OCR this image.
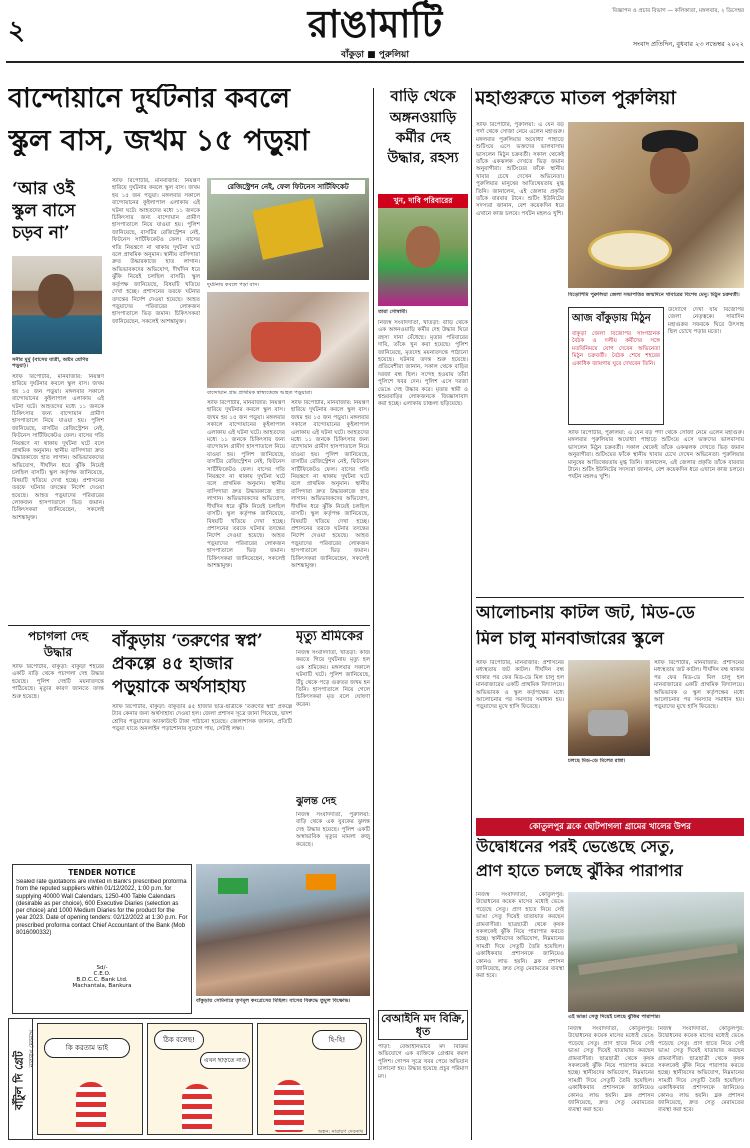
২	রাঙামাটি
বাঁকুড়া ■ পুরুলিয়া
বিজ্ঞাপন ও প্রচার বিভাগ — কলিকাতা, মঙ্গলবার, ২ ডিসেম্বর
সংবাদ প্রতিদিন, বুধবার ২৩ নভেম্বর ২০২২
বান্দোয়ানে দুর্ঘটনার কবলে
স্কুল বাস, জখম ১৫ পড়ুয়া
‘আর ওই স্কুল বাসে চড়ব না’
সনীর মুর্মু (বাসের যাত্রী, অষ্টম শ্রেণির পড়ুয়া)।
স্টাফ রিপোর্টার, মানবাজার: নিয়ন্ত্রণ হারিয়ে দুর্ঘটনার কবলে স্কুল বাস। জখম হয় ১৫ জন পড়ুয়া। মঙ্গলবার সকালে বান্দোয়ানের কুইলাপাল এলাকায় এই ঘটনা ঘটে। আহতদের মধ্যে ১১ জনকে চিকিৎসার জন্য বান্দোয়ান গ্রামীণ হাসপাতালে নিয়ে যাওয়া হয়। পুলিশ জানিয়েছে, বাসটির রেজিস্ট্রেশন নেই, ফিটনেস সার্টিফিকেটও ফেল। বাসের গতি নিয়ন্ত্রণে না থাকায় দুর্ঘটনা ঘটে বলে প্রাথমিক অনুমান। স্থানীয় বাসিন্দারা দ্রুত উদ্ধারকাজে হাত লাগান। অভিভাবকদের অভিযোগ, দীর্ঘদিন ধরে ঝুঁকি নিয়েই চলছিল বাসটি। স্কুল কর্তৃপক্ষ জানিয়েছে, বিষয়টি খতিয়ে দেখা হচ্ছে। প্রশাসনের তরফে ঘটনার তদন্তের নির্দেশ দেওয়া হয়েছে। আহত পড়ুয়াদের পরিবারের লোকজন হাসপাতালে ভিড় জমান। চিকিৎসকরা জানিয়েছেন, সকলেই আশঙ্কামুক্ত।
স্টাফ রিপোর্টার, মানবাজার: নিয়ন্ত্রণ হারিয়ে দুর্ঘটনার কবলে স্কুল বাস। জখম হয় ১৫ জন পড়ুয়া। মঙ্গলবার সকালে বান্দোয়ানের কুইলাপাল এলাকায় এই ঘটনা ঘটে। আহতদের মধ্যে ১১ জনকে চিকিৎসার জন্য বান্দোয়ান গ্রামীণ হাসপাতালে নিয়ে যাওয়া হয়। পুলিশ জানিয়েছে, বাসটির রেজিস্ট্রেশন নেই, ফিটনেস সার্টিফিকেটও ফেল। বাসের গতি নিয়ন্ত্রণে না থাকায় দুর্ঘটনা ঘটে বলে প্রাথমিক অনুমান। স্থানীয় বাসিন্দারা দ্রুত উদ্ধারকাজে হাত লাগান। অভিভাবকদের অভিযোগ, দীর্ঘদিন ধরে ঝুঁকি নিয়েই চলছিল বাসটি। স্কুল কর্তৃপক্ষ জানিয়েছে, বিষয়টি খতিয়ে দেখা হচ্ছে। প্রশাসনের তরফে ঘটনার তদন্তের নির্দেশ দেওয়া হয়েছে। আহত পড়ুয়াদের পরিবারের লোকজন হাসপাতালে ভিড় জমান। চিকিৎসকরা জানিয়েছেন, সকলেই আশঙ্কামুক্ত।
রেজিস্ট্রেশন নেই, ফেল ফিটনেস সার্টিফিকেট
দুর্ঘটনায় কবলে পড়া বাস।
বান্দোয়ান গ্রাম প্রাথমিক স্বাস্থ্যকেন্দ্রে আহত পড়ুয়ারা।
স্টাফ রিপোর্টার, মানবাজার: নিয়ন্ত্রণ হারিয়ে দুর্ঘটনার কবলে স্কুল বাস। জখম হয় ১৫ জন পড়ুয়া। মঙ্গলবার সকালে বান্দোয়ানের কুইলাপাল এলাকায় এই ঘটনা ঘটে। আহতদের মধ্যে ১১ জনকে চিকিৎসার জন্য বান্দোয়ান গ্রামীণ হাসপাতালে নিয়ে যাওয়া হয়। পুলিশ জানিয়েছে, বাসটির রেজিস্ট্রেশন নেই, ফিটনেস সার্টিফিকেটও ফেল। বাসের গতি নিয়ন্ত্রণে না থাকায় দুর্ঘটনা ঘটে বলে প্রাথমিক অনুমান। স্থানীয় বাসিন্দারা দ্রুত উদ্ধারকাজে হাত লাগান। অভিভাবকদের অভিযোগ, দীর্ঘদিন ধরে ঝুঁকি নিয়েই চলছিল বাসটি। স্কুল কর্তৃপক্ষ জানিয়েছে, বিষয়টি খতিয়ে দেখা হচ্ছে। প্রশাসনের তরফে ঘটনার তদন্তের নির্দেশ দেওয়া হয়েছে। আহত পড়ুয়াদের পরিবারের লোকজন হাসপাতালে ভিড় জমান। চিকিৎসকরা জানিয়েছেন, সকলেই আশঙ্কামুক্ত।
স্টাফ রিপোর্টার, মানবাজার: নিয়ন্ত্রণ হারিয়ে দুর্ঘটনার কবলে স্কুল বাস। জখম হয় ১৫ জন পড়ুয়া। মঙ্গলবার সকালে বান্দোয়ানের কুইলাপাল এলাকায় এই ঘটনা ঘটে। আহতদের মধ্যে ১১ জনকে চিকিৎসার জন্য বান্দোয়ান গ্রামীণ হাসপাতালে নিয়ে যাওয়া হয়। পুলিশ জানিয়েছে, বাসটির রেজিস্ট্রেশন নেই, ফিটনেস সার্টিফিকেটও ফেল। বাসের গতি নিয়ন্ত্রণে না থাকায় দুর্ঘটনা ঘটে বলে প্রাথমিক অনুমান। স্থানীয় বাসিন্দারা দ্রুত উদ্ধারকাজে হাত লাগান। অভিভাবকদের অভিযোগ, দীর্ঘদিন ধরে ঝুঁকি নিয়েই চলছিল বাসটি। স্কুল কর্তৃপক্ষ জানিয়েছে, বিষয়টি খতিয়ে দেখা হচ্ছে। প্রশাসনের তরফে ঘটনার তদন্তের নির্দেশ দেওয়া হয়েছে। আহত পড়ুয়াদের পরিবারের লোকজন হাসপাতালে ভিড় জমান। চিকিৎসকরা জানিয়েছেন, সকলেই আশঙ্কামুক্ত।
বাড়ি থেকে
অঙ্গনওয়াড়ি কর্মীর দেহ উদ্ধার, রহস্য
খুন, দাবি পরিবারের
তারা গোস্বামী।
নিজস্ব সংবাদদাতা, খাতড়া: বাড়ি থেকে এক অঙ্গনওয়াড়ি কর্মীর দেহ উদ্ধার ঘিরে রহস্য দানা বেঁধেছে। মৃতার পরিবারের দাবি, তাঁকে খুন করা হয়েছে। পুলিশ জানিয়েছে, মৃতদেহ ময়নাতদন্তে পাঠানো হয়েছে। ঘটনার তদন্ত শুরু হয়েছে। প্রতিবেশীরা জানান, সকাল থেকে বাড়ির দরজা বন্ধ ছিল। সন্দেহ হওয়ায় তাঁরা পুলিশে খবর দেন। পুলিশ এসে দরজা ভেঙে দেহ উদ্ধার করে। মৃতার স্বামী ও শ্বশুরবাড়ির লোকজনকে জিজ্ঞাসাবাদ করা হচ্ছে। এলাকায় চাঞ্চল্য ছড়িয়েছে।
মহাগুরুতে মাতল পুরুলিয়া
স্টাফ রিপোর্টার, পুরুলিয়া: এ যেন বড় পর্দা থেকে সোজা নেমে এলেন মহাগুরু। মঙ্গলবার পুরুলিয়ার অযোধ্যা পাহাড়ে শুটিংয়ে এসে ভক্তদের ভালবাসায় ভাসলেন মিঠুন চক্রবর্তী। সকাল থেকেই তাঁকে একঝলক দেখতে ভিড় জমান অনুরাগীরা। শুটিংয়ের ফাঁকে স্থানীয় খাবার চেখে দেখেন অভিনেতা। পুরুলিয়ার মানুষের আতিথেয়তায় মুগ্ধ তিনি। জানালেন, এই জেলার প্রকৃতি তাঁকে বারবার টানে। শুটিং ইউনিটের সদস্যরা জানান, বেশ কয়েকদিন ধরে এখানে কাজ চলবে। পর্যটন মহলও খুশি।
বিড়োশিমি পুরুলিয়া জেলা সভাপতির জন্মদিনে খাবারের বিশেষ মেনু। মিঠুন চক্রবর্তী।
আজ বাঁকুড়ায় মিঠুন
বাঁকুড়া জেলা বিজেপির সাংগঠনিক বৈঠক ও দলীয় কর্মীদের সঙ্গে মতবিনিময়ে যোগ দেবেন অভিনেতা মিঠুন চক্রবর্তী। বৈঠক শেষে শহরের একাধিক জায়গায় ঘুরে দেখবেন তিনি।
উদ্যোগে দেখা যায় বিজেপির জেলা নেতৃত্বকে। সারাদিন মহাগুরুর সফরকে ঘিরে উৎসাহ ছিল চোখে পড়ার মতো।
স্টাফ রিপোর্টার, পুরুলিয়া: এ যেন বড় পর্দা থেকে সোজা নেমে এলেন মহাগুরু। মঙ্গলবার পুরুলিয়ার অযোধ্যা পাহাড়ে শুটিংয়ে এসে ভক্তদের ভালবাসায় ভাসলেন মিঠুন চক্রবর্তী। সকাল থেকেই তাঁকে একঝলক দেখতে ভিড় জমান অনুরাগীরা। শুটিংয়ের ফাঁকে স্থানীয় খাবার চেখে দেখেন অভিনেতা। পুরুলিয়ার মানুষের আতিথেয়তায় মুগ্ধ তিনি। জানালেন, এই জেলার প্রকৃতি তাঁকে বারবার টানে। শুটিং ইউনিটের সদস্যরা জানান, বেশ কয়েকদিন ধরে এখানে কাজ চলবে। পর্যটন মহলও খুশি।
বাঁকুড়ায় ‘তরুণের স্বপ্ন’ প্রকল্পে ৪৫ হাজার পড়ুয়াকে অর্থসাহায্য
স্টাফ রিপোর্টার, বাঁকুড়া: বাঁকুড়ার ৪৫ হাজার ছাত্র-ছাত্রীকে ‘তরুণের স্বপ্ন’ প্রকল্পে ট্যাব কেনার জন্য অর্থসাহায্য দেওয়া হল। জেলা প্রশাসন সূত্রে জানা গিয়েছে, দ্বাদশ শ্রেণির পড়ুয়াদের অ্যাকাউন্টে টাকা পাঠানো হয়েছে। জেলাশাসক জানান, প্রতিটি পড়ুয়া যাতে অনলাইন পড়াশোনার সুযোগ পায়, সেটাই লক্ষ্য।
মৃত্যু শ্রমিকের
নিজস্ব সংবাদদাতা, খাতড়া: কাজ করতে গিয়ে দুর্ঘটনায় মৃত্যু হল এক শ্রমিকের। মঙ্গলবার সকালে ঘটনাটি ঘটে। পুলিশ জানিয়েছে, উঁচু থেকে পড়ে গুরুতর জখম হন তিনি। হাসপাতালে নিয়ে গেলে চিকিৎসকরা মৃত বলে ঘোষণা করেন।
ঝুলন্ত দেহ
নিজস্ব সংবাদদাতা, পুরুলিয়া: বাড়ি থেকে এক যুবকের ঝুলন্ত দেহ উদ্ধার হয়েছে। পুলিশ একটি অস্বাভাবিক মৃত্যুর মামলা রুজু করেছে।
পচাগলা দেহ উদ্ধার
স্টাফ রিপোর্টার, বাঁকুড়া: বাঁকুড়া শহরের একটি বাড়ি থেকে পচাগলা দেহ উদ্ধার হয়েছে। পুলিশ দেহটি ময়নাতদন্তে পাঠিয়েছে। মৃত্যুর কারণ জানতে তদন্ত শুরু হয়েছে।
TENDER NOTICE
Sealed rate quotations are invited in Bank's prescribed proforma from the reputed suppliers within 01/12/2022, 1:00 p.m. for supplying 40000 Wall Calendars, 1250-400 Table Calendars (desirable as per choice), 600 Executive Diaries (selection as per choice) and 1000 Medium Diaries for the product for the year 2023. Date of opening tenders: 02/12/2022 at 1:30 p.m. For prescribed proforma contact Chief Accountant of the Bank (Mob 8016090332)
Sd/-
C.E.O.
B.D.C.C. Bank Ltd.
Machantala, Bankura
বাঁকুড়ায় সেমিনারে তৃণমূল কংগ্রেসের মিছিল। বাসের বিরুদ্ধে তুমুল বিক্ষোভ।
বাঁটুল দি গ্রেট
নারায়ণ দেবনাথ	কি করতাম ভাই
ঠিক বলেছ!
এখন ছাড়তে নাও
হি-হি!
অঙ্কন: নারায়ণ দেবনাথ
আলোচনায় কাটল জট, মিড-ডে
মিল চালু মানবাজারের স্কুলে
স্টাফ রিপোর্টার, মানবাজার: প্রশাসনের মধ্যস্থতায় জট কাটল। দীর্ঘদিন বন্ধ থাকার পর ফের মিড-ডে মিল চালু হল মানবাজারের একটি প্রাথমিক বিদ্যালয়ে। অভিভাবক ও স্কুল কর্তৃপক্ষের মধ্যে আলোচনার পর সমস্যার সমাধান হয়। পড়ুয়াদের মুখে হাসি ফিরেছে।
চলছে মিড-ডে মিলের রান্না।
স্টাফ রিপোর্টার, মানবাজার: প্রশাসনের মধ্যস্থতায় জট কাটল। দীর্ঘদিন বন্ধ থাকার পর ফের মিড-ডে মিল চালু হল মানবাজারের একটি প্রাথমিক বিদ্যালয়ে। অভিভাবক ও স্কুল কর্তৃপক্ষের মধ্যে আলোচনার পর সমস্যার সমাধান হয়। পড়ুয়াদের মুখে হাসি ফিরেছে।
কোতুলপুর ব্লকে ছোটপাগলা গ্রামের খালের উপর
উদ্বোধনের পরই ভেঙেছে সেতু,
প্রাণ হাতে চলছে ঝুঁকির পারাপার
নিজস্ব সংবাদদাতা, কোতুলপুর: উদ্বোধনের কয়েক মাসের মধ্যেই ভেঙে পড়েছে সেতু। প্রাণ হাতে নিয়ে সেই ভাঙা সেতু দিয়েই যাতায়াত করছেন গ্রামবাসীরা। ছাত্রছাত্রী থেকে কৃষক সকলকেই ঝুঁকি নিয়ে পারাপার করতে হচ্ছে। স্থানীয়দের অভিযোগ, নিম্নমানের সামগ্রী দিয়ে সেতুটি তৈরি হয়েছিল। একাধিকবার প্রশাসনকে জানিয়েও কোনও লাভ হয়নি। ব্লক প্রশাসন জানিয়েছে, দ্রুত সেতু মেরামতের ব্যবস্থা করা হবে।
এই ভাঙা সেতু দিয়েই চলছে ঝুঁকির পারাপার।
নিজস্ব সংবাদদাতা, কোতুলপুর: উদ্বোধনের কয়েক মাসের মধ্যেই ভেঙে পড়েছে সেতু। প্রাণ হাতে নিয়ে সেই ভাঙা সেতু দিয়েই যাতায়াত করছেন গ্রামবাসীরা। ছাত্রছাত্রী থেকে কৃষক সকলকেই ঝুঁকি নিয়ে পারাপার করতে হচ্ছে। স্থানীয়দের অভিযোগ, নিম্নমানের সামগ্রী দিয়ে সেতুটি তৈরি হয়েছিল। একাধিকবার প্রশাসনকে জানিয়েও কোনও লাভ হয়নি। ব্লক প্রশাসন জানিয়েছে, দ্রুত সেতু মেরামতের ব্যবস্থা করা হবে।
নিজস্ব সংবাদদাতা, কোতুলপুর: উদ্বোধনের কয়েক মাসের মধ্যেই ভেঙে পড়েছে সেতু। প্রাণ হাতে নিয়ে সেই ভাঙা সেতু দিয়েই যাতায়াত করছেন গ্রামবাসীরা। ছাত্রছাত্রী থেকে কৃষক সকলকেই ঝুঁকি নিয়ে পারাপার করতে হচ্ছে। স্থানীয়দের অভিযোগ, নিম্নমানের সামগ্রী দিয়ে সেতুটি তৈরি হয়েছিল। একাধিকবার প্রশাসনকে জানিয়েও কোনও লাভ হয়নি। ব্লক প্রশাসন জানিয়েছে, দ্রুত সেতু মেরামতের ব্যবস্থা করা হবে।
বেআইনি মদ বিক্রি, ধৃত
পাড়া: বেআইনিভাবে মদ বিক্রির অভিযোগে এক ব্যক্তিকে গ্রেপ্তার করল পুলিশ। গোপন সূত্রে খবর পেয়ে অভিযান চালানো হয়। উদ্ধার হয়েছে প্রচুর পরিমাণ মদ।
